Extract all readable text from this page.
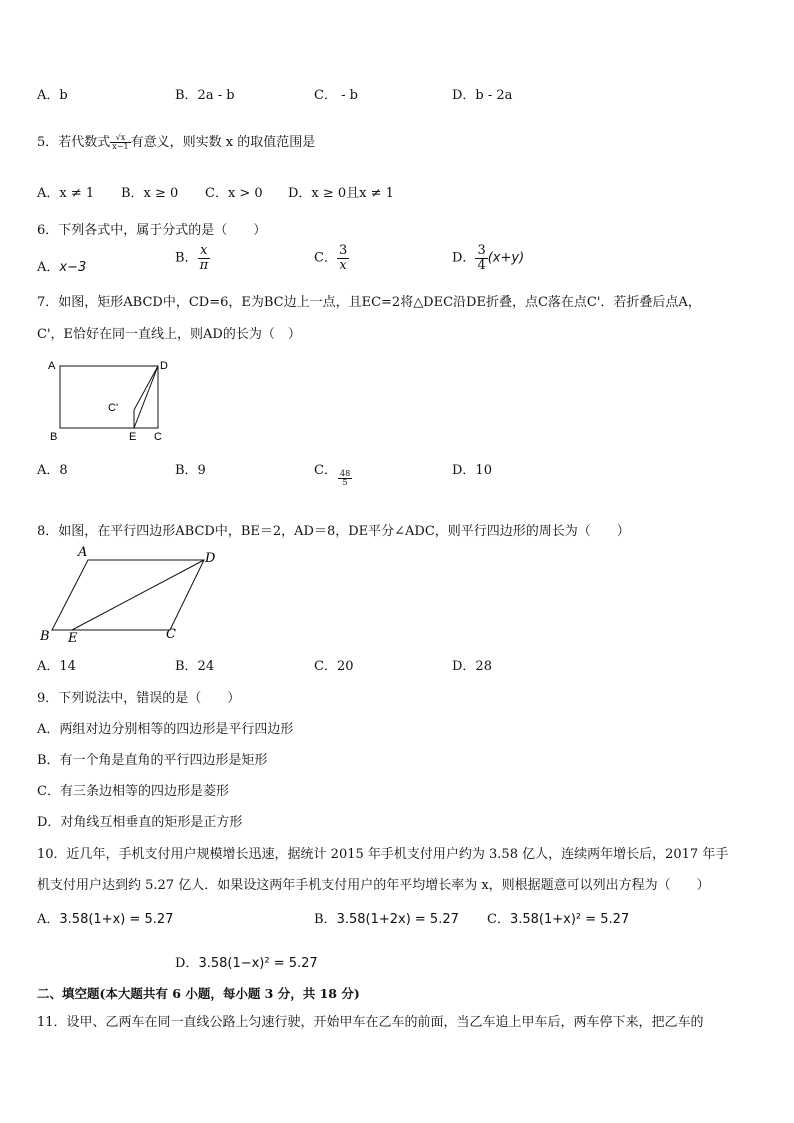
A．b	B．2a - b	C． - b	D．b - 2a
5．若代数式 $\frac{√x}{x-1}$ 有意义，则实数 x 的取值范围是
A．x ≠ 1 B．x ≥ 0 C．x > 0 D．x ≥ 0且x ≠ 1
6．下列各式中，属于分式的是（　　）
A．x−3
B． $\frac{x}{\pi}$	C． $\frac{3}{x}$	D． $\frac{3}{4} (x+y)$
7．如图，矩形ABCD中，CD=6，E为BC边上一点，且EC=2将△DEC沿DE折叠，点C落在点C'．若折叠后点A，
C'，E恰好在同一直线上，则AD的长为（　）
A	D
B	E C
C'
A．8	B．9	C． $\frac{48}{5}$	D．10
8．如图，在平行四边形ABCD中，BE＝2，AD＝8，DE平分∠ADC，则平行四边形的周长为（　　）
A	D
B E	C
A．14	B．24	C．20	D．28
9．下列说法中，错误的是（　　）
A．两组对边分别相等的四边形是平行四边形
B．有一个角是直角的平行四边形是矩形
C．有三条边相等的四边形是菱形
D．对角线互相垂直的矩形是正方形
10．近几年，手机支付用户规模增长迅速，据统计 2015 年手机支付用户约为 3.58 亿人，连续两年增长后，2017 年手
机支付用户达到约 5.27 亿人．如果设这两年手机支付用户的年平均增长率为 x，则根据题意可以列出方程为（　　）
A．3.58(1+x) = 5.27	B．3.58(1+2x) = 5.27 C．3.58(1+x)² = 5.27
D．3.58(1−x)² = 5.27
二、填空题(本大题共有 6 小题，每小题 3 分，共 18 分)
11．设甲、乙两车在同一直线公路上匀速行驶，开始甲车在乙车的前面，当乙车追上甲车后，两车停下来，把乙车的
